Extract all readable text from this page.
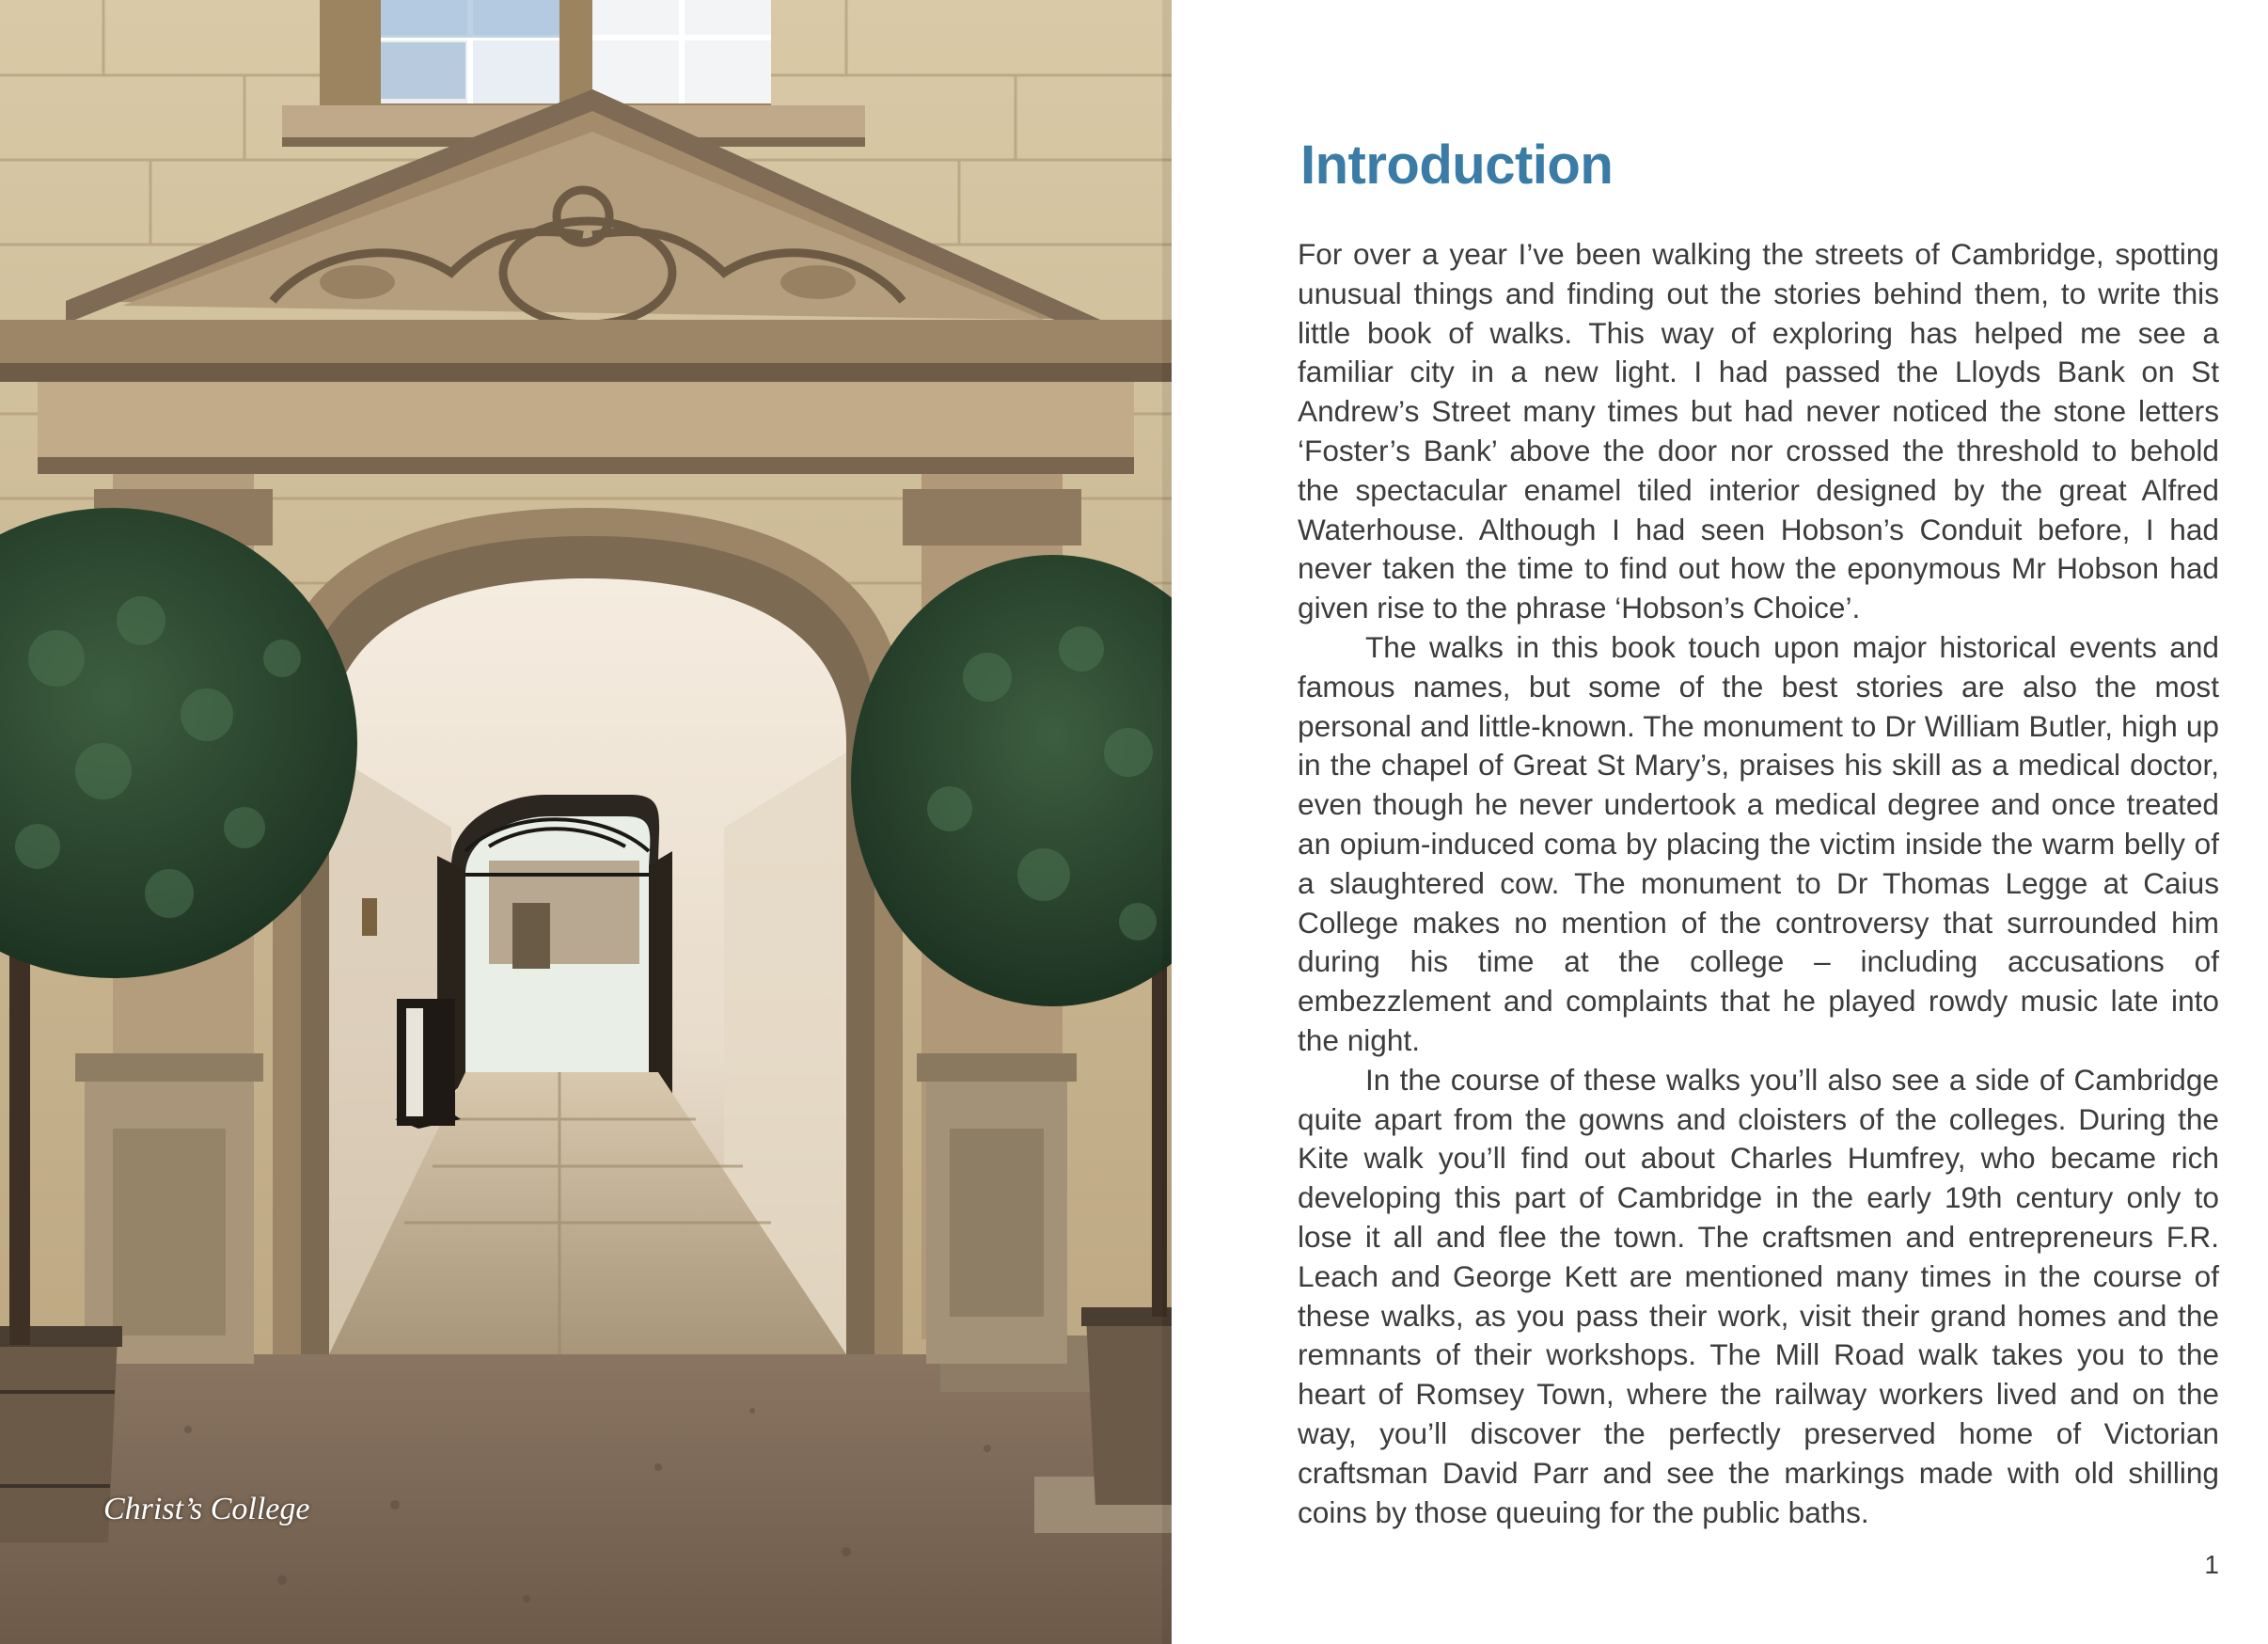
Christ’s College
Introduction

For over a year I’ve been walking the streets of Cambridge, spotting unusual things and finding out the stories behind them, to write this little book of walks. This way of exploring has helped me see a familiar city in a new light. I had passed the Lloyds Bank on St Andrew’s Street many times but had never noticed the stone letters ‘Foster’s Bank’ above the door nor crossed the threshold to behold the spectacular enamel tiled interior designed by the great Alfred Waterhouse. Although I had seen Hobson’s Conduit before, I had never taken the time to find out how the eponymous Mr Hobson had given rise to the phrase ‘Hobson’s Choice’.

The walks in this book touch upon major historical events and famous names, but some of the best stories are also the most personal and little-known. The monument to Dr William Butler, high up in the chapel of Great St Mary’s, praises his skill as a medical doctor, even though he never undertook a medical degree and once treated an opium-induced coma by placing the victim inside the warm belly of a slaughtered cow. The monument to Dr Thomas Legge at Caius College makes no mention of the controversy that surrounded him during his time at the college – including accusations of embezzlement and complaints that he played rowdy music late into the night.

In the course of these walks you’ll also see a side of Cambridge quite apart from the gowns and cloisters of the colleges. During the Kite walk you’ll find out about Charles Humfrey, who became rich developing this part of Cambridge in the early 19th century only to lose it all and flee the town. The craftsmen and entrepreneurs F.R. Leach and George Kett are mentioned many times in the course of these walks, as you pass their work, visit their grand homes and the remnants of their workshops. The Mill Road walk takes you to the heart of Romsey Town, where the railway workers lived and on the way, you’ll discover the perfectly preserved home of Victorian craftsman David Parr and see the markings made with old shilling coins by those queuing for the public baths.

1
